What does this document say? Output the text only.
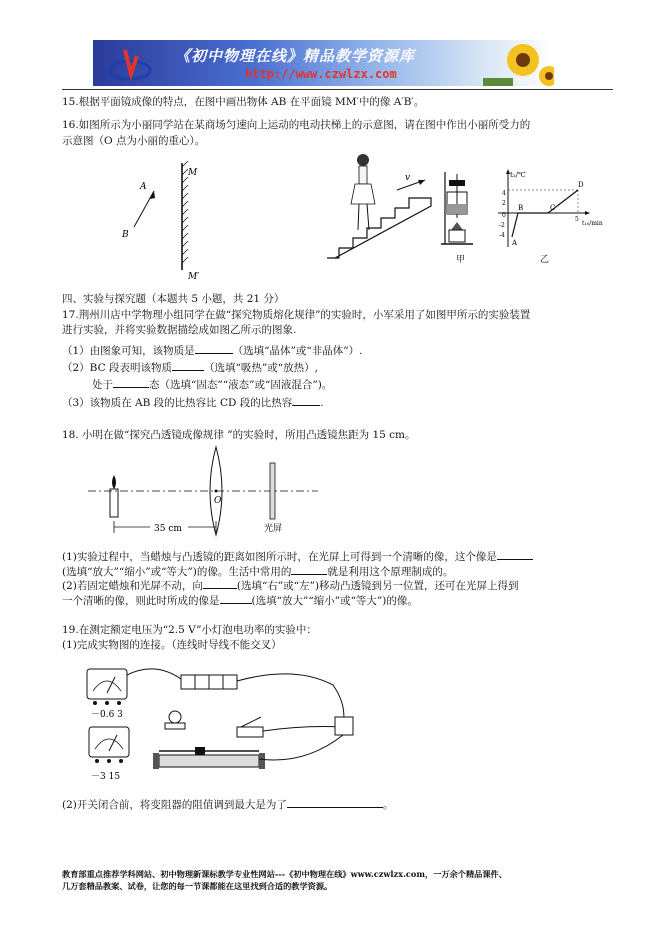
《初中物理在线》精品教学资源库
http://www.czwlzx.com
15.根据平面镜成像的特点，在图中画出物体 AB 在平面镜 MM′中的像 A′B′。
16.如图所示为小丽同学站在某商场匀速向上运动的电动扶梯上的示意图，请在图中作出小丽所受力的
示意图（O 点为小丽的重心）。
A
B
M
M′
v
甲
t₂/℃
t₁₀/min
4
2
0
-2
-4
5
A
B	C
D
乙
四、实验与探究题（本题共 5 小题，共 21 分）
17.荆州川店中学物理小组同学在做“探究物质熔化规律”的实验时，小军采用了如图甲所示的实验装置
进行实验，并将实验数据描绘成如图乙所示的图象.
（1）由图象可知，该物质是	（选填“晶体”或“非晶体”）.
（2）BC 段表明该物质	（选填“吸热”或“放热）,
处于	态（选填“固态”“液态”或“固液混合”)。
（3）该物质在 AB 段的比热容比 CD 段的比热容	.
18. 小明在做“探究凸透镜成像规律 ”的实验时，所用凸透镜焦距为 15 cm。
O
光屏
35 cm
(1)实验过程中，当蜡烛与凸透镜的距离如图所示时，在光屏上可得到一个清晰的像，这个像是
(选填“放大”“缩小”或“等大”)的像。生活中常用的	就是利用这个原理制成的。
(2)若固定蜡烛和光屏不动，向	(选填“右”或“左”)移动凸透镜到另一位置，还可在光屏上得到
一个清晰的像，则此时所成的像是	(选填“放大”“缩小”或“等大”)的像。
19.在测定额定电压为“2.5 V”小灯泡电功率的实验中：
(1)完成实物图的连接。（连线时导线不能交叉）
－0.6 3
－3 15
(2)开关闭合前，将变阻器的阻值调到最大是为了	。
教育部重点推荐学科网站、初中物理新课标教学专业性网站---《初中物理在线》www.czwlzx.com，一万余个精品课件、
几万套精品教案、试卷，让您的每一节课都能在这里找到合适的教学资源。
